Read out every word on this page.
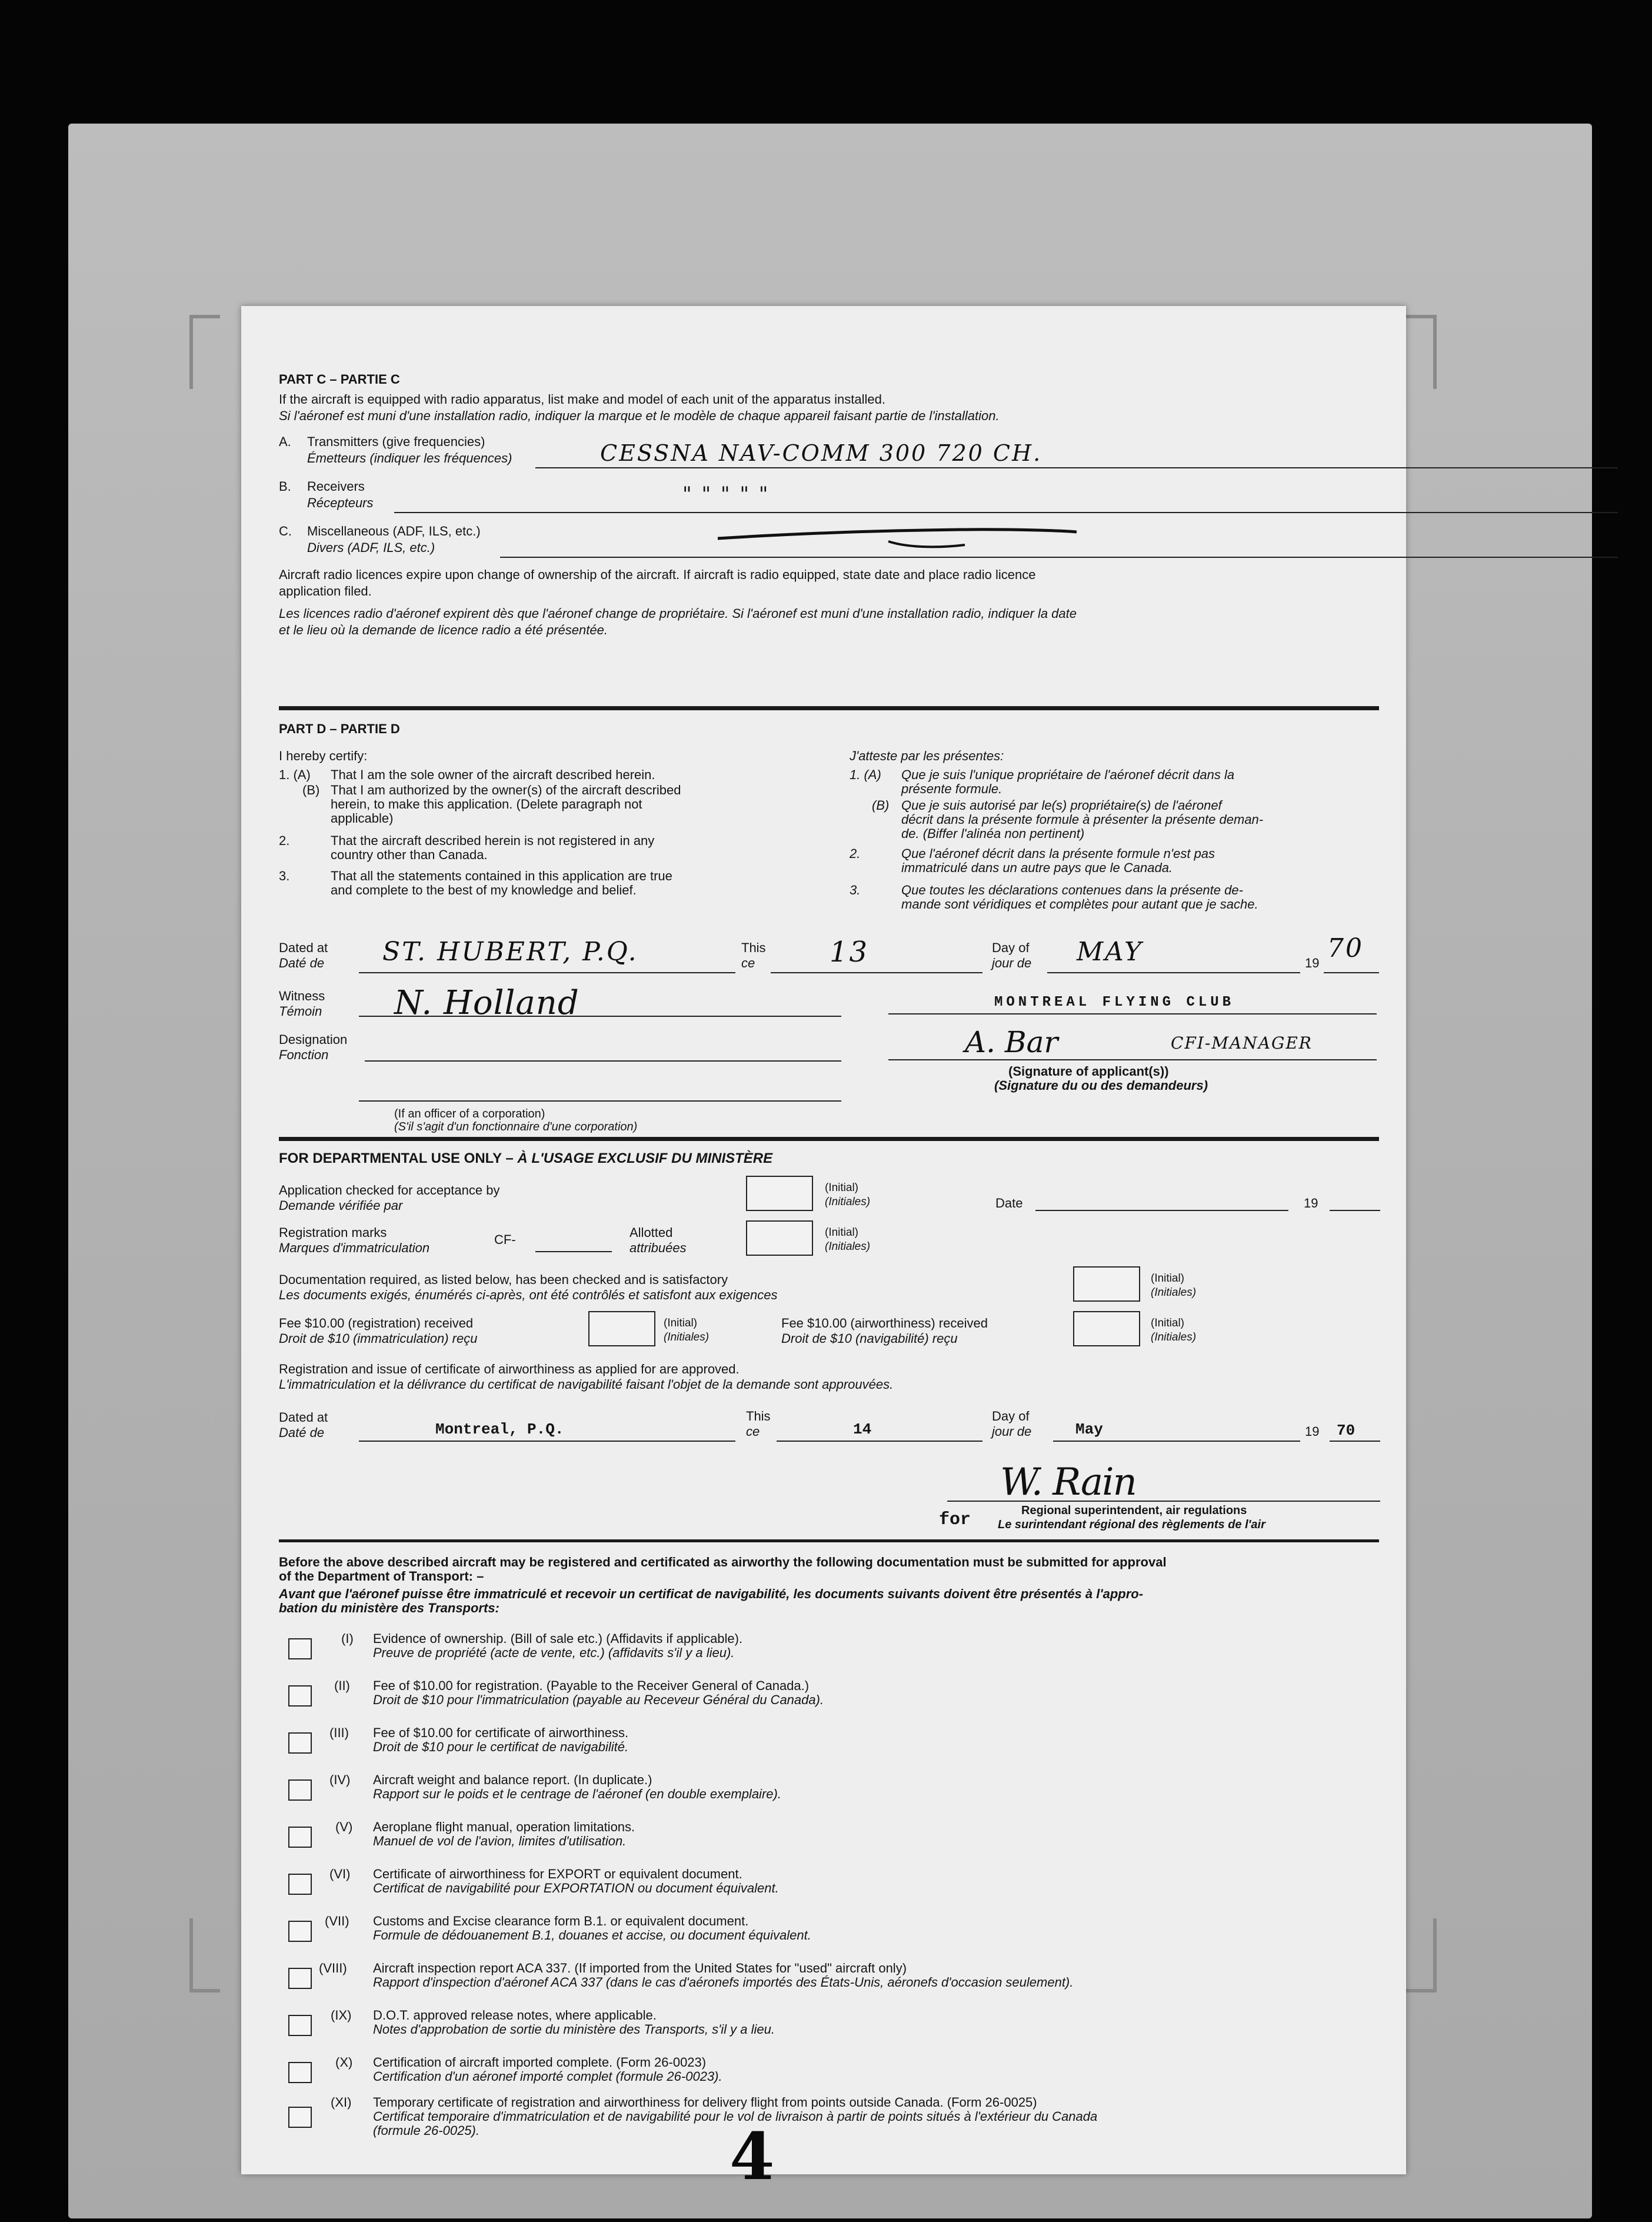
PART C – PARTIE C
If the aircraft is equipped with radio apparatus, list make and model of each unit of the apparatus installed.
Si l'aéronef est muni d'une installation radio, indiquer la marque et le modèle de chaque appareil faisant partie de l'installation.
A. Transmitters (give frequencies)
Émetteurs (indiquer les fréquences)	CESSNA NAV-COMM 300 720 CH.
B. Receivers
Récepteurs	" " " " "
C. Miscellaneous (ADF, ILS, etc.)
Divers (ADF, ILS, etc.)
Aircraft radio licences expire upon change of ownership of the aircraft. If aircraft is radio equipped, state date and place radio licence
application filed.
Les licences radio d'aéronef expirent dès que l'aéronef change de propriétaire. Si l'aéronef est muni d'une installation radio, indiquer la date
et le lieu où la demande de licence radio a été présentée.
PART D – PARTIE D
I hereby certify:	J'atteste par les présentes:
1. (A) That I am the sole owner of the aircraft described herein.
(B) That I am authorized by the owner(s) of the aircraft described
herein, to make this application. (Delete paragraph not
applicable)
2.	That the aircraft described herein is not registered in any
country other than Canada.
3.	That all the statements contained in this application are true
and complete to the best of my knowledge and belief.
1. (A) Que je suis l'unique propriétaire de l'aéronef décrit dans la
présente formule.
(B) Que je suis autorisé par le(s) propriétaire(s) de l'aéronef
décrit dans la présente formule à présenter la présente deman-
de. (Biffer l'alinéa non pertinent)
2.	Que l'aéronef décrit dans la présente formule n'est pas
immatriculé dans un autre pays que le Canada.
3.	Que toutes les déclarations contenues dans la présente de-
mande sont véridiques et complètes pour autant que je sache.
Dated at
Daté de ST. HUBERT, P.Q.	This
ce	13	Day of
jour de MAY	19 70
Witness
Témoin N. Holland	MONTREAL FLYING CLUB
Designation
Fonction	A. Bar	CFI-MANAGER
(Signature of applicant(s))
(Signature du ou des demandeurs)
(If an officer of a corporation)
(S'il s'agit d'un fonctionnaire d'une corporation)
FOR DEPARTMENTAL USE ONLY – À L'USAGE EXCLUSIF DU MINISTÈRE
Application checked for acceptance by
Demande vérifiée par
(Initial)
(Initiales)	Date	19
Registration marks
Marques d'immatriculation
CF-	Allotted
attribuées
(Initial)
(Initiales)
Documentation required, as listed below, has been checked and is satisfactory
Les documents exigés, énumérés ci-après, ont été contrôlés et satisfont aux exigences
(Initial)
(Initiales)
Fee $10.00 (registration) received
Droit de $10 (immatriculation) reçu
(Initial)
(Initiales)
Fee $10.00 (airworthiness) received
Droit de $10 (navigabilité) reçu
(Initial)
(Initiales)
Registration and issue of certificate of airworthiness as applied for are approved.
L'immatriculation et la délivrance du certificat de navigabilité faisant l'objet de la demande sont approuvées.
Dated at
Daté de	Montreal, P.Q.
This
ce	14
Day of
jour de	May	19 70
W. Rain
for	Regional superintendent, air regulations
Le surintendant régional des règlements de l'air
Before the above described aircraft may be registered and certificated as airworthy the following documentation must be submitted for approval
of the Department of Transport: –
Avant que l'aéronef puisse être immatriculé et recevoir un certificat de navigabilité, les documents suivants doivent être présentés à l'appro-
bation du ministère des Transports:
(I) Evidence of ownership. (Bill of sale etc.) (Affidavits if applicable).
Preuve de propriété (acte de vente, etc.) (affidavits s'il y a lieu).
(II) Fee of $10.00 for registration. (Payable to the Receiver General of Canada.)
Droit de $10 pour l'immatriculation (payable au Receveur Général du Canada).
(III) Fee of $10.00 for certificate of airworthiness.
Droit de $10 pour le certificat de navigabilité.
(IV) Aircraft weight and balance report. (In duplicate.)
Rapport sur le poids et le centrage de l'aéronef (en double exemplaire).
(V) Aeroplane flight manual, operation limitations.
Manuel de vol de l'avion, limites d'utilisation.
(VI) Certificate of airworthiness for EXPORT or equivalent document.
Certificat de navigabilité pour EXPORTATION ou document équivalent.
(VII) Customs and Excise clearance form B.1. or equivalent document.
Formule de dédouanement B.1, douanes et accise, ou document équivalent.
(VIII) Aircraft inspection report ACA 337. (If imported from the United States for "used" aircraft only)
Rapport d'inspection d'aéronef ACA 337 (dans le cas d'aéronefs importés des États-Unis, aéronefs d'occasion seulement).
(IX) D.O.T. approved release notes, where applicable.
Notes d'approbation de sortie du ministère des Transports, s'il y a lieu.
(X) Certification of aircraft imported complete. (Form 26-0023)
Certification d'un aéronef importé complet (formule 26-0023).
(XI) Temporary certificate of registration and airworthiness for delivery flight from points outside Canada. (Form 26-0025)
Certificat temporaire d'immatriculation et de navigabilité pour le vol de livraison à partir de points situés à l'extérieur du Canada
(formule 26-0025).	4
